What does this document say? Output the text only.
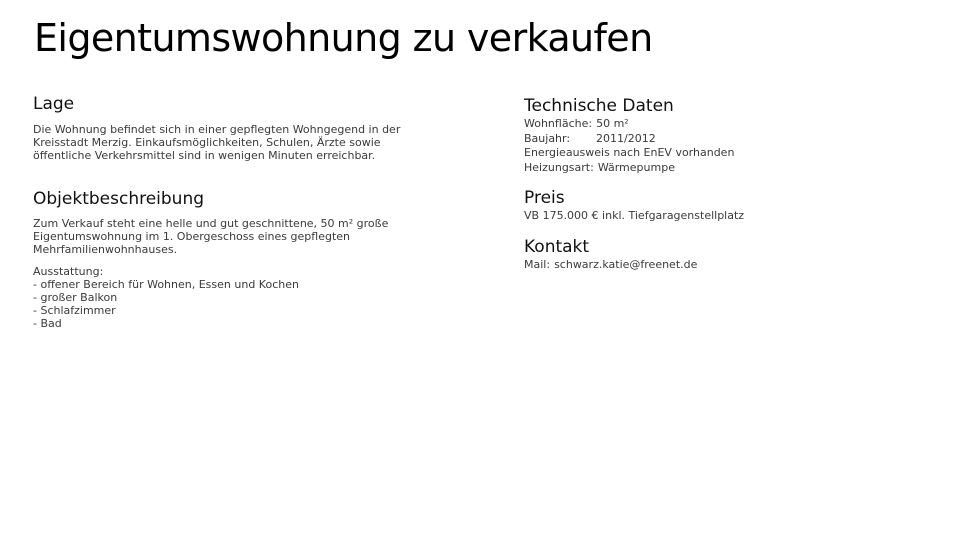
Eigentumswohnung zu verkaufen
Lage

Die Wohnung befindet sich in einer gepflegten Wohngegend in der Kreisstadt Merzig. Einkaufsmöglichkeiten, Schulen, Ärzte sowie öffentliche Verkehrsmittel sind in wenigen Minuten erreichbar.

Objektbeschreibung

Zum Verkauf steht eine helle und gut geschnittene, 50 m² große Eigentumswohnung im 1. Obergeschoss eines gepflegten Mehrfamilienwohnhauses.

Ausstattung:

- offener Bereich für Wohnen, Essen und Kochen
- großer Balkon
- Schlafzimmer
- Bad
Technische Daten
Wohnfläche: 50 m²
Baujahr:	2011/2012

Energieausweis nach EnEV vorhanden

Heizungsart: Wärmepumpe
Preis

VB 175.000 € inkl. Tiefgaragenstellplatz

Kontakt
Mail: schwarz.katie@freenet.de
